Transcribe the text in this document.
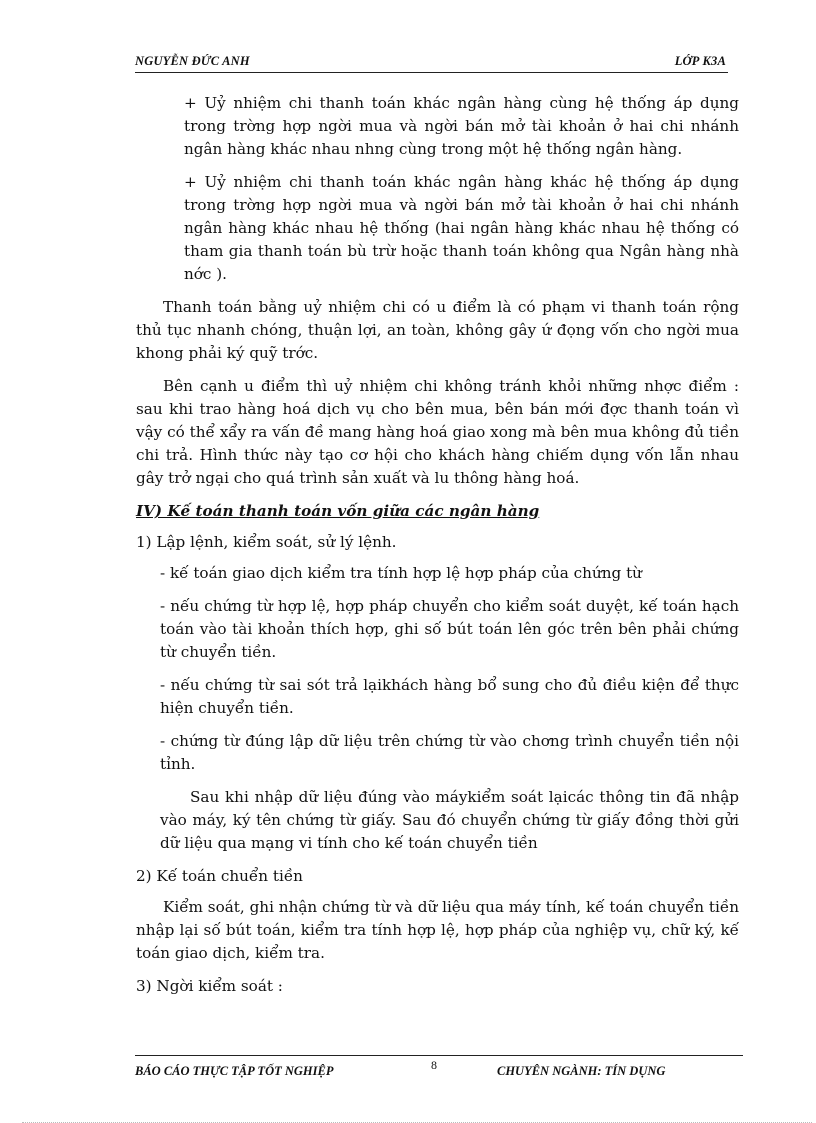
NGUYỄN ĐỨC ANH	LỚP K3A

+ Uỷ nhiệm chi thanh toán khác ngân hàng cùng hệ thống áp dụng trong trờng hợp ngời mua và ngời bán mở tài khoản ở hai chi nhánh ngân hàng khác nhau nhng cùng trong một hệ thống ngân hàng.

+ Uỷ nhiệm chi thanh toán khác ngân hàng khác hệ thống áp dụng trong trờng hợp ngời mua và ngời bán mở tài khoản ở hai chi nhánh ngân hàng khác nhau hệ thống (hai ngân hàng khác nhau hệ thống có tham gia thanh toán bù trừ hoặc thanh toán không qua Ngân hàng nhà nớc ).

Thanh toán bằng uỷ nhiệm chi có u điểm là có phạm vi thanh toán rộng thủ tục nhanh chóng, thuận lợi, an toàn, không gây ứ đọng vốn cho ngời mua khong phải ký quỹ trớc.

Bên cạnh u điểm thì uỷ nhiệm chi không tránh khỏi những nhợc điểm : sau khi trao hàng hoá dịch vụ cho bên mua, bên bán mới đợc thanh toán vì vậy có thể xẩy ra vấn đề mang hàng hoá giao xong mà bên mua không đủ tiền chi trả. Hình thức này tạo cơ hội cho khách hàng chiếm dụng vốn lẫn nhau gây trở ngại cho quá trình sản xuất và lu thông hàng hoá.

IV) Kế toán thanh toán vốn giữa các ngân hàng

1) Lập lệnh, kiểm soát, sử lý lệnh.

- kế toán giao dịch kiểm tra tính hợp lệ hợp pháp của chứng từ

- nếu chứng từ hợp lệ, hợp pháp chuyển cho kiểm soát duyệt, kế toán hạch toán vào tài khoản thích hợp, ghi số bút toán lên góc trên bên phải chứng từ chuyển tiền.

- nếu chứng từ sai sót trả lạikhách hàng bổ sung cho đủ điều kiện để thực hiện chuyển tiền.

- chứng từ đúng lập dữ liệu trên chứng từ vào chơng trình chuyển tiền nội tỉnh.

Sau khi nhập dữ liệu đúng vào máykiểm soát lạicác thông tin đã nhập vào máy, ký tên chứng từ giấy. Sau đó chuyển chứng từ giấy đồng thời gửi dữ liệu qua mạng vi tính cho kế toán chuyển tiền

2) Kế toán chuển tiền

Kiểm soát, ghi nhận chứng từ và dữ liệu qua máy tính, kế toán chuyển tiền nhập lại số bút toán, kiểm tra tính hợp lệ, hợp pháp của nghiệp vụ, chữ ký, kế toán giao dịch, kiểm tra.

3) Ngời kiểm soát :

BÁO CÁO THỰC TẬP TỐT NGHIỆP	8	CHUYÊN NGÀNH: TÍN DỤNG
